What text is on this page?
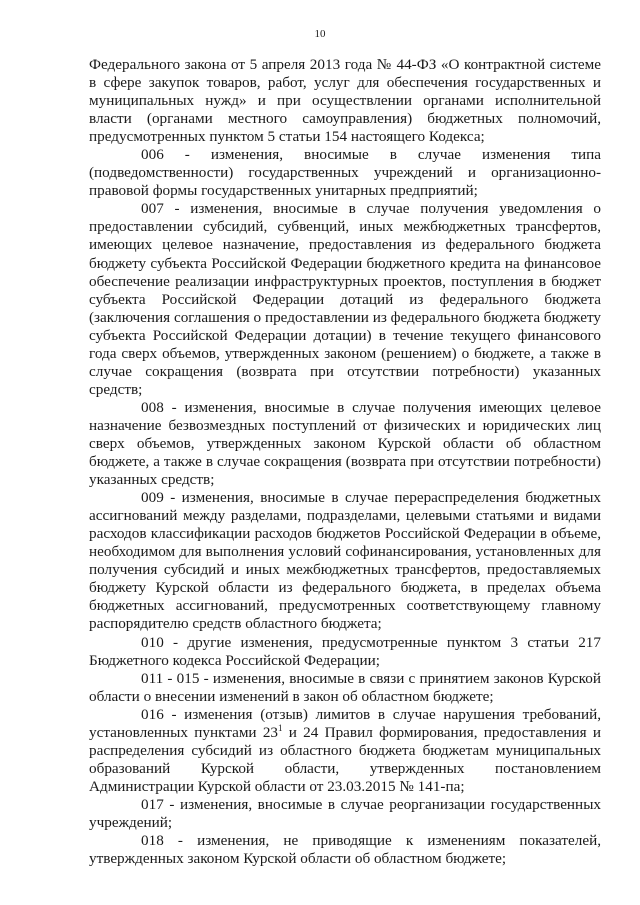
10

Федерального закона от 5 апреля 2013 года № 44-ФЗ «О контрактной системе в сфере закупок товаров, работ, услуг для обеспечения государственных и муниципальных нужд» и при осуществлении органами исполнительной власти (органами местного самоуправления) бюджетных полномочий, предусмотренных пунктом 5 статьи 154 настоящего Кодекса;

006 - изменения, вносимые в случае изменения типа (подведомственности) государственных учреждений и организационно-правовой формы государственных унитарных предприятий;

007 - изменения, вносимые в случае получения уведомления о предоставлении субсидий, субвенций, иных межбюджетных трансфертов, имеющих целевое назначение, предоставления из федерального бюджета бюджету субъекта Российской Федерации бюджетного кредита на финансовое обеспечение реализации инфраструктурных проектов, поступления в бюджет субъекта Российской Федерации дотаций из федерального бюджета (заключения соглашения о предоставлении из федерального бюджета бюджету субъекта Российской Федерации дотации) в течение текущего финансового года сверх объемов, утвержденных законом (решением) о бюджете, а также в случае сокращения (возврата при отсутствии потребности) указанных средств;

008 - изменения, вносимые в случае получения имеющих целевое назначение безвозмездных поступлений от физических и юридических лиц сверх объемов, утвержденных законом Курской области об областном бюджете, а также в случае сокращения (возврата при отсутствии потребности) указанных средств;

009 - изменения, вносимые в случае перераспределения бюджетных ассигнований между разделами, подразделами, целевыми статьями и видами расходов классификации расходов бюджетов Российской Федерации в объеме, необходимом для выполнения условий софинансирования, установленных для получения субсидий и иных межбюджетных трансфертов, предоставляемых бюджету Курской области из федерального бюджета, в пределах объема бюджетных ассигнований, предусмотренных соответствующему главному распорядителю средств областного бюджета;

010 - другие изменения, предусмотренные пунктом 3 статьи 217 Бюджетного кодекса Российской Федерации;

011 - 015 - изменения, вносимые в связи с принятием законов Курской области о внесении изменений в закон об областном бюджете;

016 - изменения (отзыв) лимитов в случае нарушения требований, установленных пунктами $23^1$ и 24 Правил формирования, предоставления и распределения субсидий из областного бюджета бюджетам муниципальных образований Курской области, утвержденных постановлением Администрации Курской области от 23.03.2015 № 141-па;

017 - изменения, вносимые в случае реорганизации государственных учреждений;

018 - изменения, не приводящие к изменениям показателей, утвержденных законом Курской области об областном бюджете;
